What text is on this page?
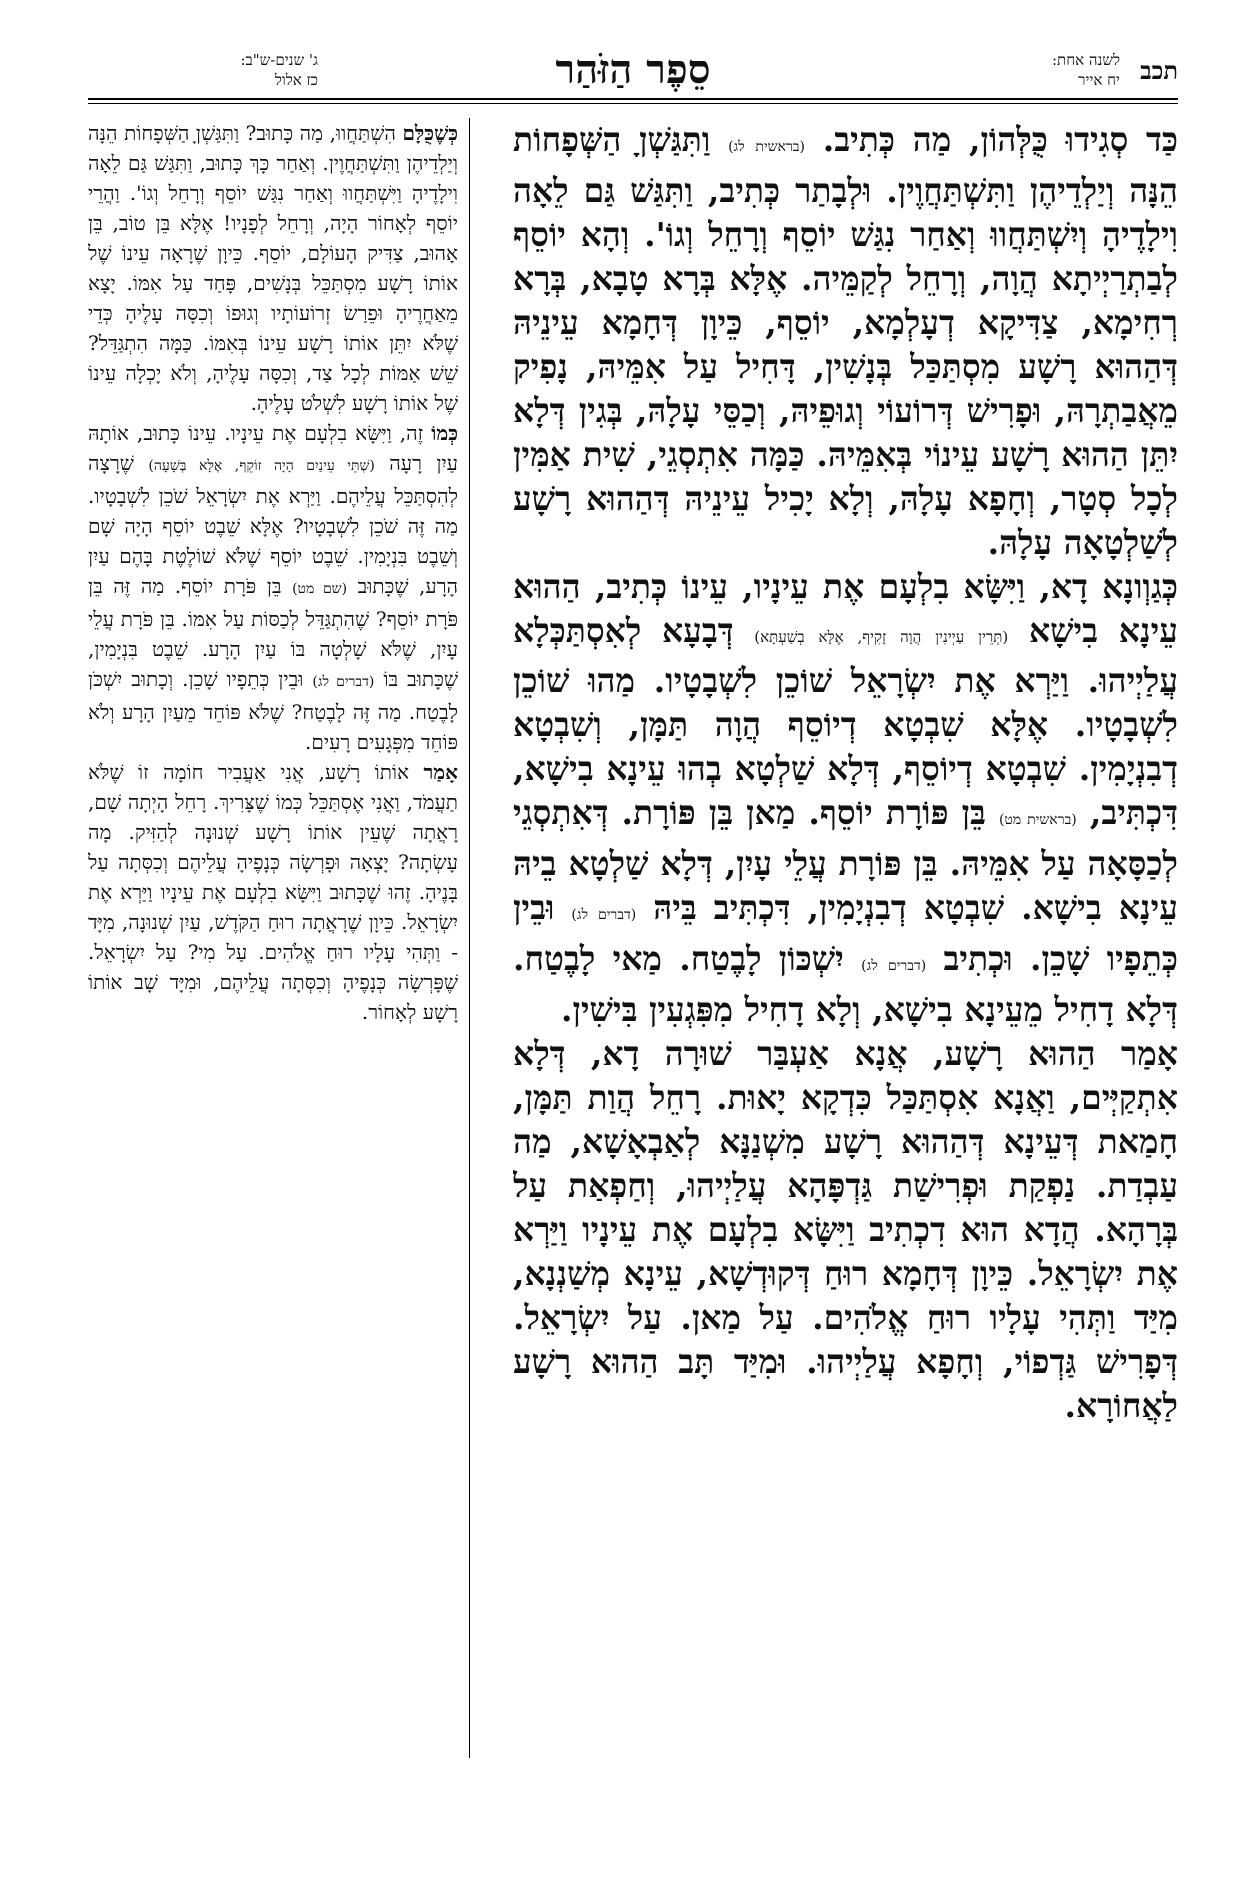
תכב
לשנה אחת:
יח אייר
סֵפֶר הַזֹּהַר
ג' שנים-ש"ב:
כז אלול

כַּד סְגִידוּ כֻּלְּהוֹן, מַה כְּתִיב. (בראשית לג) וַתִּגַּשְׁןָ הַשְּׁפָחוֹת הֵנָּה וְיַלְדֵיהֶן וַתִּשְׁתַּחֲוֶין. וּלְבָתַר כְּתִיב, וַתִּגַּשׁ גַּם לֵאָה וִילָדֶיהָ וְיִשְׁתַּחֲווּ וְאַחַר נִגַּשׁ יוֹסֵף וְרָחֵל וְגוֹ'. וְהָא יוֹסֵף לְבַתְרַיְיתָא הֲוָה, וְרָחֵל לְקַמֵּיה. אֶלָּא בְּרָא טָבָא, בְּרָא רְחִימָא, צַדִּיקָא דְעָלְמָא, יוֹסֵף, כֵּיוָן דְּחָמָא עֵינֵיהּ דְּהַהוּא רָשָׁע מִסְתַּכַּל בְּנָשִׁין, דָּחִיל עַל אִמֵּיהּ, נָפִיק מֵאֲבַתְרָהּ, וּפָרִישׁ דְּרוֹעוֹי וְגוּפֵיהּ, וְכַסֵּי עָלָהּ, בְּגִין דְּלָא יִתֵּן הַהוּא רָשָׁע עֵינוֹי בְּאִמֵּיהּ. כַּמָּה אִתְסְגֵי, שִׁית אַמִּין לְכָל סְטָר, וְחָפָא עָלָהּ, וְלָא יָכִיל עֵינֵיהּ דְּהַהוּא רָשָׁע לְשַׁלְטָאָה עָלָהּ.

כְּגַוְונָא דָא, וַיִּשָּׂא בִלְעָם אֶת עֵינָיו, עֵינוֹ כְּתִיב, הַהוּא עֵינָא בִישָׁא (תְּרֵין עַיְינִין הֲוָה זָקִיף, אֶלָּא בְשַׁעְתָּא) דְּבָעָא לְאִסְתַּכְּלָא עֲלַיְיהוּ. וַיַּרְא אֶת יִשְׂרָאֵל שׁוֹכֵן לִשְׁבָטָיו. מַהוּ שׁוֹכֵן לִשְׁבָטָיו. אֶלָּא שִׁבְטָא דְיוֹסֵף הֲוָה תַּמָּן, וְשִׁבְטָא דְבִנְיָמִין. שִׁבְטָא דְיוֹסֵף, דְּלָא שַׁלְטָא בְהוּ עֵינָא בִישָׁא, דִּכְתִּיב, (בראשית מט) בֵּן פּוֹרָת יוֹסֵף. מַאן בֵּן פּוֹרָת. דְּאִתְסְגֵי לְכַסָּאָה עַל אִמֵּיהּ. בֵּן פּוֹרָת עֲלֵי עָיִן, דְּלָא שַׁלְטָא בֵיהּ עֵינָא בִישָׁא. שִׁבְטָא דְבִנְיָמִין, דִּכְתִּיב בֵּיהּ (דברים לג) וּבֵין כְּתֵפָיו שָׁכֵן. וּכְתִיב (דברים לג) יִשְׁכּוֹן לָבֶטַח. מַאי לָבֶטַח. דְּלָא דָחִיל מֵעֵינָא בִישָׁא, וְלָא דָחִיל מִפִּגְעִין בִּישִׁין.

אָמַר הַהוּא רָשָׁע, אֲנָא אַעְבַּר שׁוּרָה דָא, דְּלָא אִתְקַיְּים, וַאֲנָא אִסְתַּכַּל כִּדְקָא יָאוּת. רָחֵל הֲוַת תַּמָּן, חָמַאת דְּעֵינָא דְּהַהוּא רָשָׁע מִשְׁנַנָּא לְאַבְאָשָׁא, מַה עַבְדַת. נַפְקַת וּפְרִישַׁת גַּדְפָּהָא עֲלַיְיהוּ, וְחַפְאַת עַל בְּרָהָא. הֲדָא הוּא דִכְתִיב וַיִּשָּׂא בִלְעָם אֶת עֵינָיו וַיַּרְא אֶת יִשְׂרָאֵל. כֵּיוָן דְּחָמָא רוּחַ דְּקוּדְשָׁא, עֵינָא מְשַׁנְנָא, מִיַּד וַתְּהִי עָלָיו רוּחַ אֱלֹהִים. עַל מַאן. עַל יִשְׂרָאֵל. דְּפָרִישׁ גַּדְפוֹי, וְחָפָא עֲלַיְיהוּ. וּמִיַּד תָּב הַהוּא רָשָׁע לַאֲחוֹרָא.

כְּשֶׁכֻּלָּם הִשְׁתַּחֲווּ, מַה כָּתוּב? וַתִּגַּשְׁןָ הַשְּׁפָחוֹת הֵנָּה וְיַלְדֵיהֶן וַתִּשְׁתַּחֲוֶין. וְאַחַר כָּךְ כָּתוּב, וַתִּגַּשׁ גַּם לֵאָה וִילָדֶיהָ וַיִּשְׁתַּחֲווּ וְאַחַר נִגַּשׁ יוֹסֵף וְרָחֵל וְגוֹ'. וַהֲרֵי יוֹסֵף לְאָחוֹר הָיָה, וְרָחֵל לְפָנָיו! אֶלָּא בֵּן טוֹב, בֵּן אָהוּב, צַדִּיק הָעוֹלָם, יוֹסֵף. כֵּיוָן שֶׁרָאָה עֵינוֹ שֶׁל אוֹתוֹ רָשָׁע מִסְתַּכֵּל בְּנָשִׁים, פָּחַד עַל אִמּוֹ. יָצָא מֵאַחֲרֶיהָ וּפֵרַשׂ זְרוֹעוֹתָיו וְגוּפוֹ וְכִסָּה עָלֶיהָ כְּדֵי שֶׁלֹּא יִתֵּן אוֹתוֹ רָשָׁע עֵינוֹ בְּאִמּוֹ. כַּמָּה הִתְגַּדֵּל? שֵׁשׁ אַמּוֹת לְכָל צַד, וְכִסָּה עָלֶיהָ, וְלֹא יָכְלָה עֵינוֹ שֶׁל אוֹתוֹ רָשָׁע לִשְׁלֹט עָלֶיהָ.

כְּמוֹ זֶה, וַיִּשָּׂא בִלְעָם אֶת עֵינָיו. עֵינוֹ כָּתוּב, אוֹתָהּ עַיִן רָעָה (שְׁתֵּי עֵינַיִם הָיָה זוֹקֵף, אֶלָּא בְּשָׁעָה) שֶׁרָצָה לְהִסְתַּכֵּל עֲלֵיהֶם. וַיַּרְא אֶת יִשְׂרָאֵל שֹׁכֵן לִשְׁבָטָיו. מַה זֶּה שֹׁכֵן לִשְׁבָטָיו? אֶלָּא שֵׁבֶט יוֹסֵף הָיָה שָׁם וְשֵׁבֶט בִּנְיָמִין. שֵׁבֶט יוֹסֵף שֶׁלֹּא שׁוֹלֶטֶת בָּהֶם עַיִן הָרָע, שֶׁכָּתוּב (שם מט) בֵּן פֹּרָת יוֹסֵף. מַה זֶּה בֵּן פֹּרָת יוֹסֵף? שֶׁהִתְגַּדֵּל לְכַסּוֹת עַל אִמּוֹ. בֵּן פֹּרָת עֲלֵי עָיִן, שֶׁלֹּא שָׁלְטָה בּוֹ עַיִן הָרָע. שֵׁבֶט בִּנְיָמִין, שֶׁכָּתוּב בּוֹ (דברים לג) וּבֵין כְּתֵפָיו שָׁכֵן. וְכָתוּב יִשְׁכֹּן לָבֶטַח. מַה זֶּה לָבֶטַח? שֶׁלֹּא פּוֹחֵד מֵעַיִן הָרָע וְלֹא פּוֹחֵד מִפְּגָעִים רָעִים.

אָמַר אוֹתוֹ רָשָׁע, אֲנִי אַעֲבִיר חוֹמָה זוֹ שֶׁלֹּא תַעֲמֹד, וַאֲנִי אֶסְתַּכֵּל כְּמוֹ שֶׁצָּרִיךְ. רָחֵל הָיְתָה שָׁם, רָאֲתָה שֶׁעֵין אוֹתוֹ רָשָׁע שְׁנוּנָה לְהַזִּיק. מָה עָשְׂתָה? יָצְאָה וּפָרְשָׂה כְּנָפֶיהָ עֲלֵיהֶם וְכִסְּתָה עַל בָּנֶיהָ. זֶהוּ שֶׁכָּתוּב וַיִּשָּׂא בִלְעָם אֶת עֵינָיו וַיַּרְא אֶת יִשְׂרָאֵל. כֵּיוָן שֶׁרָאֲתָה רוּחַ הַקֹּדֶשׁ, עַיִן שְׁנוּנָה, מִיָּד - וַתְּהִי עָלָיו רוּחַ אֱלֹהִים. עַל מִי? עַל יִשְׂרָאֵל. שֶׁפָּרְשָׂה כְּנָפֶיהָ וְכִסְּתָה עֲלֵיהֶם, וּמִיָּד שָׁב אוֹתוֹ רָשָׁע לְאָחוֹר.
